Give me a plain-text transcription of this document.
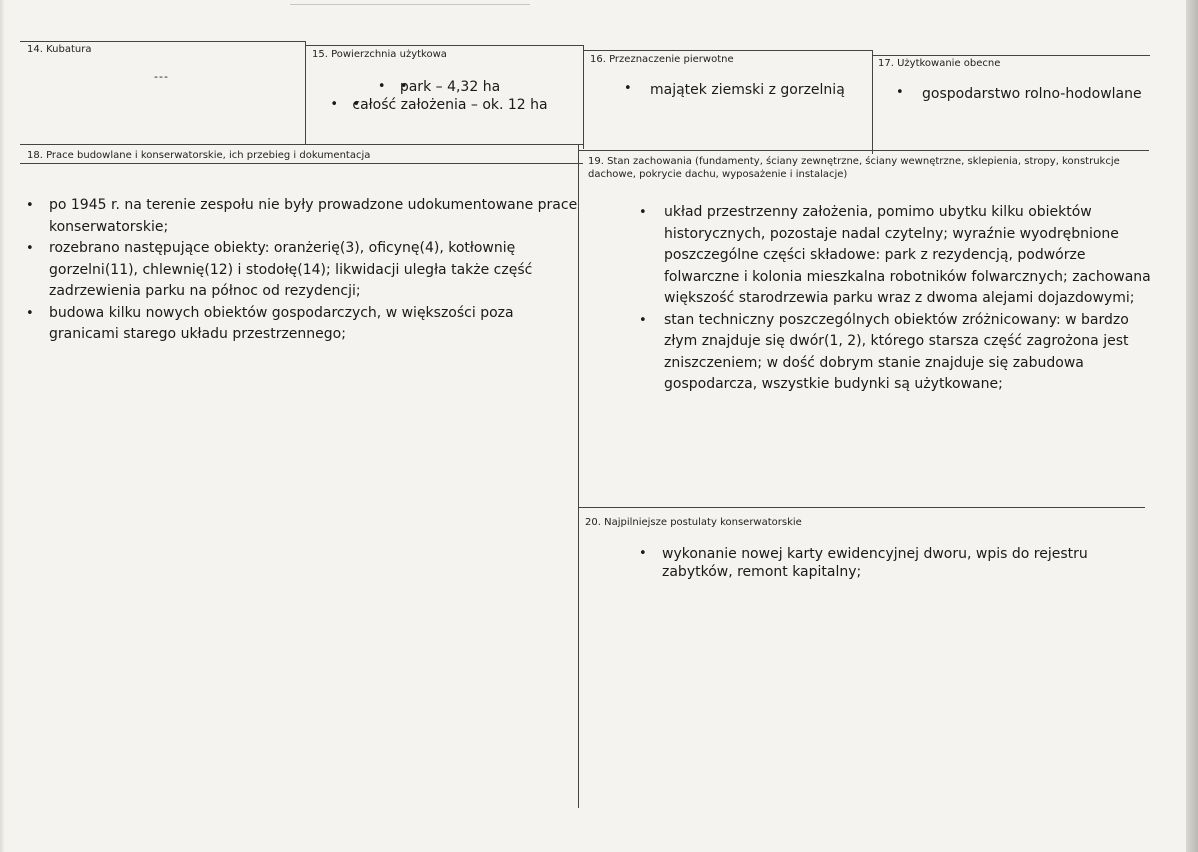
14. Kubatura	15. Powierzchnia użytkowa	16. Przeznaczenie pierwotne	17. Użytkowanie obecne
18. Prace budowlane i konserwatorskie, ich przebieg i dokumentacja
19. Stan zachowania (fundamenty, ściany zewnętrzne, ściany wewnętrzne, sklepienia, stropy, konstrukcje dachowe, pokrycie dachu, wyposażenie i instalacje)
20. Najpilniejsze postulaty konserwatorskie
---
• • park – 4,32 ha
• • całość założenia – ok. 12 ha
• majątek ziemski z gorzelnią
•	gospodarstwo rolno-hodowlane
• po 1945 r. na terenie zespołu nie były prowadzone udokumentowane prace konserwatorskie;
• rozebrano następujące obiekty: oranżerię(3), oficynę(4), kotłownię gorzelni(11), chlewnię(12) i stodołę(14); likwidacji uległa także część zadrzewienia parku na północ od rezydencji;
• budowa kilku nowych obiektów gospodarczych, w większości poza granicami starego układu przestrzennego;
• układ przestrzenny założenia, pomimo ubytku kilku obiektów historycznych, pozostaje nadal czytelny; wyraźnie wyodrębnione poszczególne części składowe: park z rezydencją, podwórze folwarczne i kolonia mieszkalna robotników folwarcznych; zachowana większość starodrzewia parku wraz z dwoma alejami dojazdowymi;
• stan techniczny poszczególnych obiektów zróżnicowany: w bardzo złym znajduje się dwór(1, 2), którego starsza część zagrożona jest zniszczeniem; w dość dobrym stanie znajduje się zabudowa gospodarcza, wszystkie budynki są użytkowane;
• wykonanie nowej karty ewidencyjnej dworu, wpis do rejestru zabytków, remont kapitalny;
